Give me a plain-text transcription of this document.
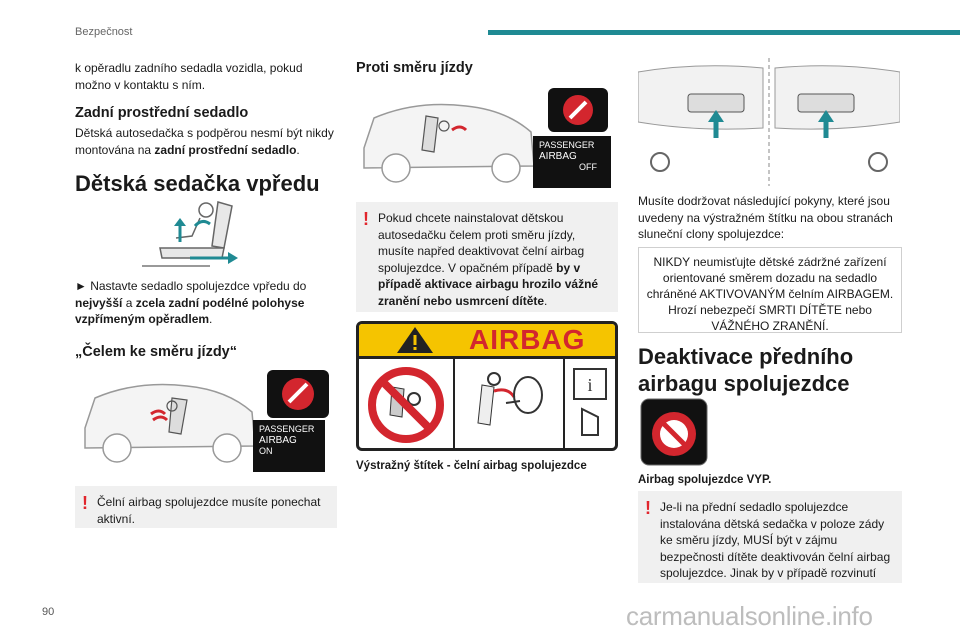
Bezpečnost

k opěradlu zadního sedadla vozidla, pokud možno v kontaktu s ním.

Zadní prostřední sedadlo

Dětská autosedačka s podpěrou nesmí být nikdy montována na zadní prostřední sedadlo.

Dětská sedačka vpředu

► Nastavte sedadlo spolujezdce vpředu do nejvyšší a zcela zadní podélné polohyse vzpřímeným opěradlem.

„Čelem ke směru jízdy“

PASSENGER
AIRBAG
ON
! Čelní airbag spolujezdce musíte ponechat aktivní.

Proti směru jízdy

PASSENGER
AIRBAG
OFF
! Pokud chcete nainstalovat dětskou autosedačku čelem proti směru jízdy, musíte napřed deaktivovat čelní airbag spolujezdce. V opačném případě by v případě aktivace airbagu hrozilo vážné zranění nebo usmrcení dítěte.
AIRBAG
i
Výstražný štítek - čelní airbag spolujezdce

Musíte dodržovat následující pokyny, které jsou uvedeny na výstražném štítku na obou stranách sluneční clony spolujezdce:

NIKDY neumisťujte dětské zádržné zařízení orientované směrem dozadu na sedadlo chráněné AKTIVOVANÝM čelním AIRBAGEM. Hrozí nebezpečí SMRTI DÍTĚTE nebo VÁŽNÉHO ZRANĚNÍ.

Deaktivace předního airbagu spolujezdce

Airbag spolujezdce VYP.
! Je-li na přední sedadlo spolujezdce instalována dětská sedačka v poloze zády ke směru jízdy, MUSÍ být v zájmu bezpečnosti dítěte deaktivován čelní airbag spolujezdce. Jinak by v případě rozvinutí
90	carmanualsonline.info
